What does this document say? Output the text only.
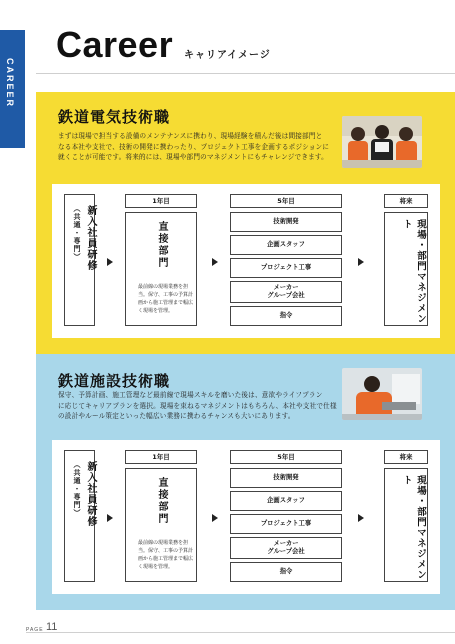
CAREER
Career キャリアイメージ
鉄道電気技術職
まずは現場で担当する設備のメンテナンスに携わり、現場経験を積んだ後は間接部門と
なる本社や支社で、技術の開発に携わったり、プロジェクト工事を企画するポジションに
就くことが可能です。将来的には、現場や部門のマネジメントにもチャレンジできます。
新入社員研修（共通・専門）
1年目
直接部門
最前線の現場業務を担
当。保守、工事の予算計
画から施工管理まで幅広
く現場を管理。
5年目
技術開発
企画スタッフ
プロジェクト工事
メーカー
グループ会社
指令
将来
現場・部門マネジメント
鉄道施設技術職
保守、予算計画、施工管理など最前線で現場スキルを磨いた後は、意欲やライフプラン
に応じてキャリアプランを選択。現場を束ねるマネジメントはもちろん、本社や支社で仕様
の設計やルール策定といった幅広い業務に携わるチャンスも大いにあります。
新入社員研修（共通・専門）
1年目
直接部門
最前線の現場業務を担
当。保守、工事の予算計
画から施工管理まで幅広
く現場を管理。
5年目
技術開発
企画スタッフ
プロジェクト工事
メーカー
グループ会社
指令
将来
現場・部門マネジメント
PAGE 11
